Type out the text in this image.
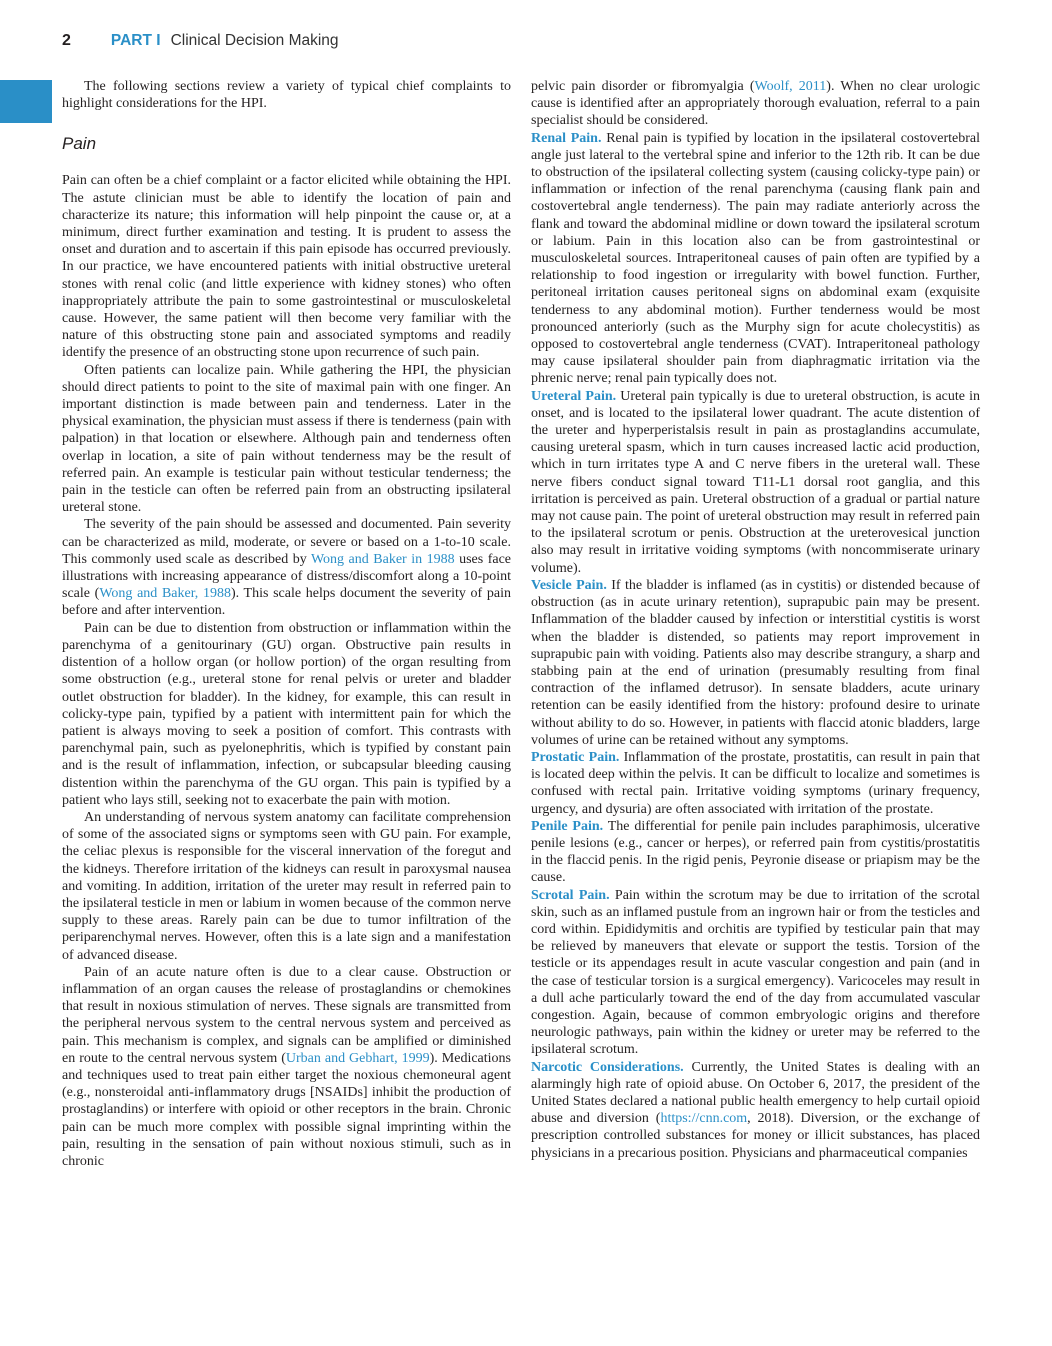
2	PART I Clinical Decision Making

The following sections review a variety of typical chief complaints to highlight considerations for the HPI.

Pain

Pain can often be a chief complaint or a factor elicited while obtaining the HPI. The astute clinician must be able to identify the location of pain and characterize its nature; this information will help pinpoint the cause or, at a minimum, direct further examination and testing. It is prudent to assess the onset and duration and to ascertain if this pain episode has occurred previously. In our practice, we have encountered patients with initial obstructive ureteral stones with renal colic (and little experience with kidney stones) who often inappropriately attribute the pain to some gastrointestinal or musculoskeletal cause. However, the same patient will then become very familiar with the nature of this obstructing stone pain and associated symptoms and readily identify the presence of an obstructing stone upon recurrence of such pain.

Often patients can localize pain. While gathering the HPI, the physician should direct patients to point to the site of maximal pain with one finger. An important distinction is made between pain and tenderness. Later in the physical examination, the physician must assess if there is tenderness (pain with palpation) in that location or elsewhere. Although pain and tenderness often overlap in location, a site of pain without tenderness may be the result of referred pain. An example is testicular pain without testicular tenderness; the pain in the testicle can often be referred pain from an obstructing ipsilateral ureteral stone.

The severity of the pain should be assessed and documented. Pain severity can be characterized as mild, moderate, or severe or based on a 1-to-10 scale. This commonly used scale as described by Wong and Baker in 1988 uses face illustrations with increasing appearance of distress/discomfort along a 10-point scale (Wong and Baker, 1988). This scale helps document the severity of pain before and after intervention.

Pain can be due to distention from obstruction or inflammation within the parenchyma of a genitourinary (GU) organ. Obstructive pain results in distention of a hollow organ (or hollow portion) of the organ resulting from some obstruction (e.g., ureteral stone for renal pelvis or ureter and bladder outlet obstruction for bladder). In the kidney, for example, this can result in colicky-type pain, typified by a patient with intermittent pain for which the patient is always moving to seek a position of comfort. This contrasts with parenchymal pain, such as pyelonephritis, which is typified by constant pain and is the result of inflammation, infection, or subcapsular bleeding causing distention within the parenchyma of the GU organ. This pain is typified by a patient who lays still, seeking not to exacerbate the pain with motion.

An understanding of nervous system anatomy can facilitate comprehension of some of the associated signs or symptoms seen with GU pain. For example, the celiac plexus is responsible for the visceral innervation of the foregut and the kidneys. Therefore irritation of the kidneys can result in paroxysmal nausea and vomiting. In addition, irritation of the ureter may result in referred pain to the ipsilateral testicle in men or labium in women because of the common nerve supply to these areas. Rarely pain can be due to tumor infiltration of the periparenchymal nerves. However, often this is a late sign and a manifestation of advanced disease.

Pain of an acute nature often is due to a clear cause. Obstruction or inflammation of an organ causes the release of prostaglandins or chemokines that result in noxious stimulation of nerves. These signals are transmitted from the peripheral nervous system to the central nervous system and perceived as pain. This mechanism is complex, and signals can be amplified or diminished en route to the central nervous system (Urban and Gebhart, 1999). Medications and techniques used to treat pain either target the noxious chemoneural agent (e.g., nonsteroidal anti-inflammatory drugs [NSAIDs] inhibit the production of prostaglandins) or interfere with opioid or other receptors in the brain. Chronic pain can be much more complex with possible signal imprinting within the pain, resulting in the sensation of pain without noxious stimuli, such as in chronic

pelvic pain disorder or fibromyalgia (Woolf, 2011). When no clear urologic cause is identified after an appropriately thorough evaluation, referral to a pain specialist should be considered.

Renal Pain. Renal pain is typified by location in the ipsilateral costovertebral angle just lateral to the vertebral spine and inferior to the 12th rib. It can be due to obstruction of the ipsilateral collecting system (causing colicky-type pain) or inflammation or infection of the renal parenchyma (causing flank pain and costovertebral angle tenderness). The pain may radiate anteriorly across the flank and toward the abdominal midline or down toward the ipsilateral scrotum or labium. Pain in this location also can be from gastrointestinal or musculoskeletal sources. Intraperitoneal causes of pain often are typified by a relationship to food ingestion or irregularity with bowel function. Further, peritoneal irritation causes peritoneal signs on abdominal exam (exquisite tenderness to any abdominal motion). Further tenderness would be most pronounced anteriorly (such as the Murphy sign for acute cholecystitis) as opposed to costovertebral angle tenderness (CVAT). Intraperitoneal pathology may cause ipsilateral shoulder pain from diaphragmatic irritation via the phrenic nerve; renal pain typically does not.

Ureteral Pain. Ureteral pain typically is due to ureteral obstruction, is acute in onset, and is located to the ipsilateral lower quadrant. The acute distention of the ureter and hyperperistalsis result in pain as prostaglandins accumulate, causing ureteral spasm, which in turn causes increased lactic acid production, which in turn irritates type A and C nerve fibers in the ureteral wall. These nerve fibers conduct signal toward T11-L1 dorsal root ganglia, and this irritation is perceived as pain. Ureteral obstruction of a gradual or partial nature may not cause pain. The point of ureteral obstruction may result in referred pain to the ipsilateral scrotum or penis. Obstruction at the ureterovesical junction also may result in irritative voiding symptoms (with noncommiserate urinary volume).

Vesicle Pain. If the bladder is inflamed (as in cystitis) or distended because of obstruction (as in acute urinary retention), suprapubic pain may be present. Inflammation of the bladder caused by infection or interstitial cystitis is worst when the bladder is distended, so patients may report improvement in suprapubic pain with voiding. Patients also may describe strangury, a sharp and stabbing pain at the end of urination (presumably resulting from final contraction of the inflamed detrusor). In sensate bladders, acute urinary retention can be easily identified from the history: profound desire to urinate without ability to do so. However, in patients with flaccid atonic bladders, large volumes of urine can be retained without any symptoms.

Prostatic Pain. Inflammation of the prostate, prostatitis, can result in pain that is located deep within the pelvis. It can be difficult to localize and sometimes is confused with rectal pain. Irritative voiding symptoms (urinary frequency, urgency, and dysuria) are often associated with irritation of the prostate.

Penile Pain. The differential for penile pain includes paraphimosis, ulcerative penile lesions (e.g., cancer or herpes), or referred pain from cystitis/prostatitis in the flaccid penis. In the rigid penis, Peyronie disease or priapism may be the cause.

Scrotal Pain. Pain within the scrotum may be due to irritation of the scrotal skin, such as an inflamed pustule from an ingrown hair or from the testicles and cord within. Epididymitis and orchitis are typified by testicular pain that may be relieved by maneuvers that elevate or support the testis. Torsion of the testicle or its appendages result in acute vascular congestion and pain (and in the case of testicular torsion is a surgical emergency). Varicoceles may result in a dull ache particularly toward the end of the day from accumulated vascular congestion. Again, because of common embryologic origins and therefore neurologic pathways, pain within the kidney or ureter may be referred to the ipsilateral scrotum.

Narcotic Considerations. Currently, the United States is dealing with an alarmingly high rate of opioid abuse. On October 6, 2017, the president of the United States declared a national public health emergency to help curtail opioid abuse and diversion (https://cnn.com, 2018). Diversion, or the exchange of prescription controlled substances for money or illicit substances, has placed physicians in a precarious position. Physicians and pharmaceutical companies
